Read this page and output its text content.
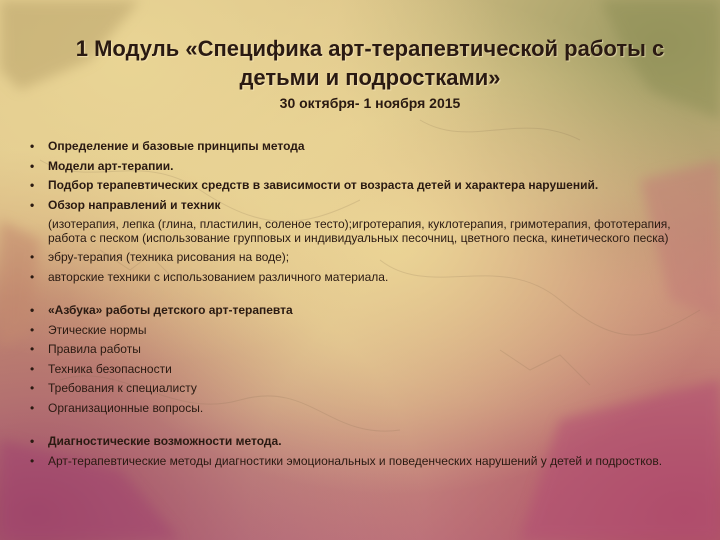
1 Модуль «Специфика арт-терапевтической работы с детьми и подростками»

30 октября- 1 ноября 2015

• Определение и базовые принципы метода
• Модели арт-терапии.
• Подбор терапевтических средств в зависимости от возраста детей и характера нарушений.
• Обзор направлений и техник
(изотерапия, лепка (глина, пластилин, соленое тесто);игротерапия, куклотерапия, гримотерапия, фототерапия, работа с песком (использование групповых и индивидуальных песочниц, цветного песка, кинетического песка)
• эбру-терапия (техника рисования на воде);
• авторские техники с использованием различного материала.
• «Азбука» работы детского арт-терапевта
• Этические нормы
• Правила работы
• Техника безопасности
• Требования к специалисту
• Организационные вопросы.
• Диагностические возможности метода.
• Арт-терапевтические методы диагностики эмоциональных и поведенческих нарушений у детей и подростков.
